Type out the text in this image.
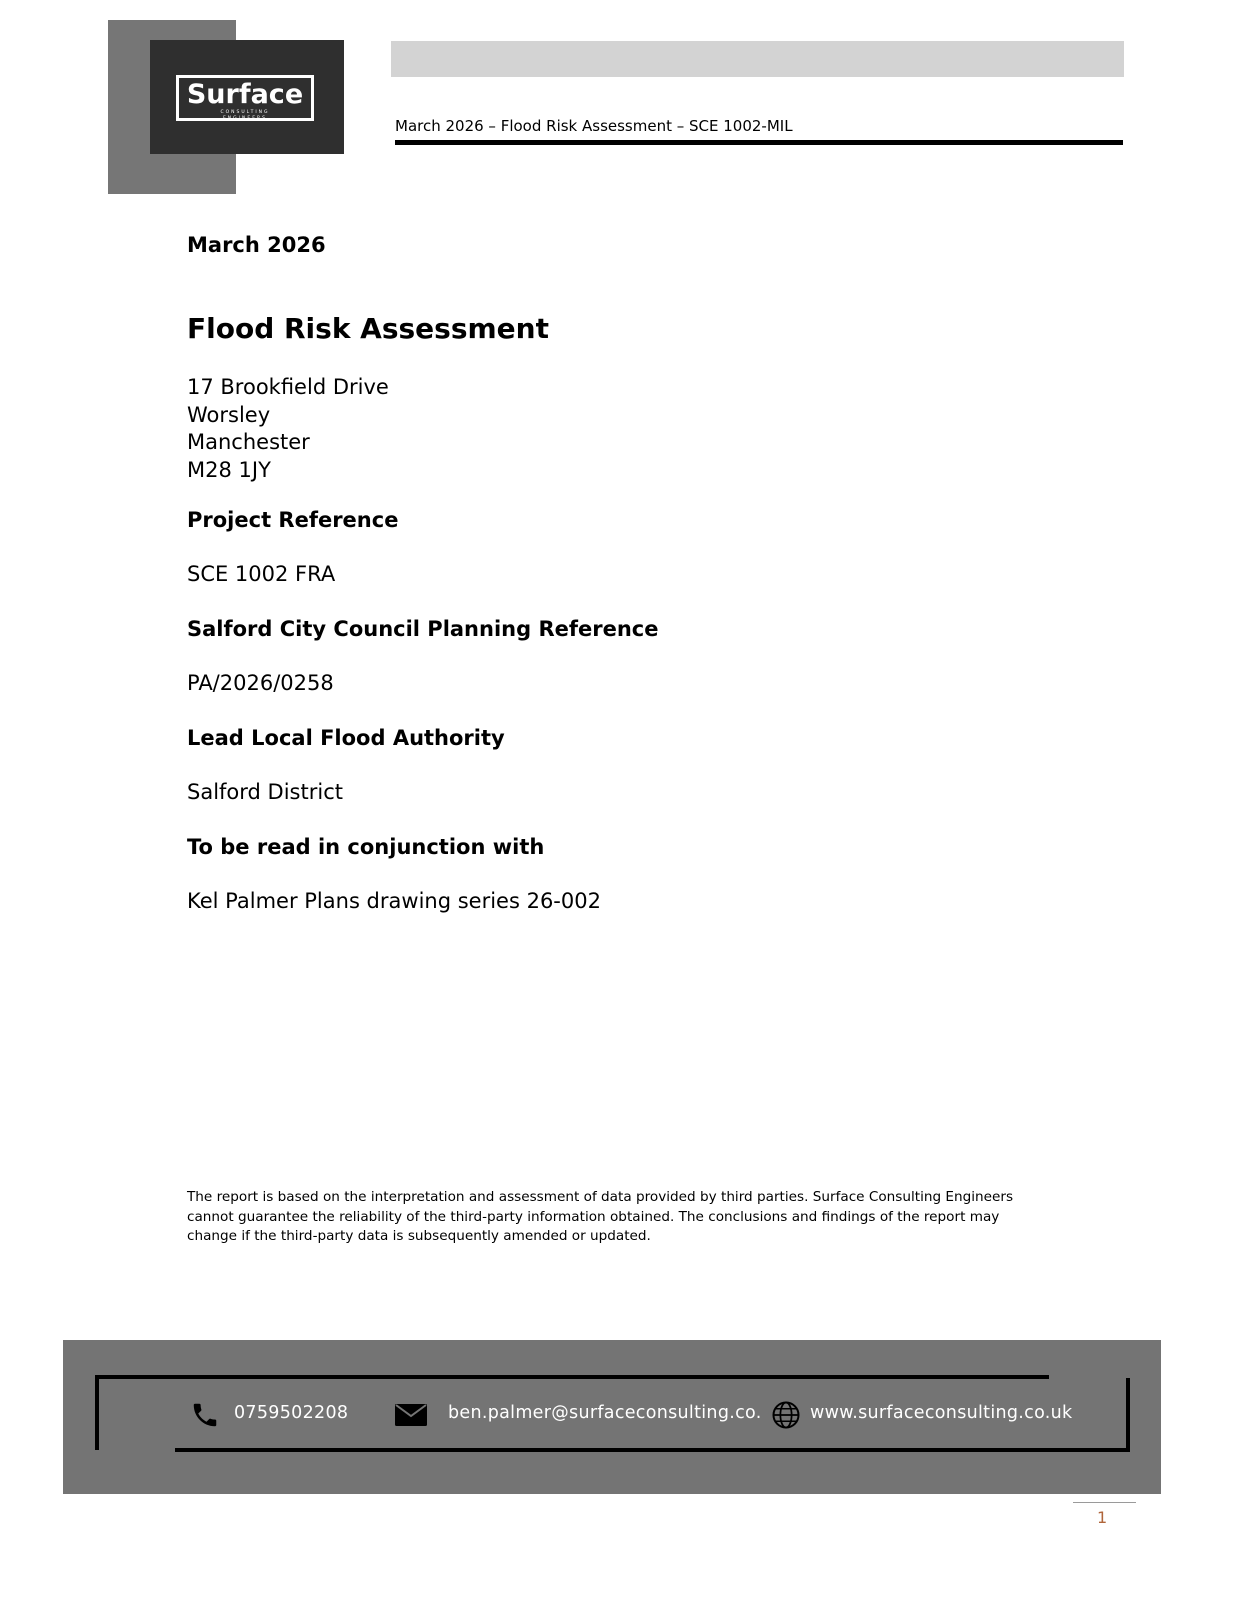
Surface
CONSULTING
ENGINEERS	March 2026 – Flood Risk Assessment – SCE 1002-MIL
March 2026
Flood Risk Assessment
17 Brookfield Drive
Worsley
Manchester
M28 1JY
Project Reference
SCE 1002 FRA
Salford City Council Planning Reference
PA/2026/0258
Lead Local Flood Authority
Salford District
To be read in conjunction with
Kel Palmer Plans drawing series 26-002
The report is based on the interpretation and assessment of data provided by third parties. Surface Consulting Engineers cannot guarantee the reliability of the third-party information obtained. The conclusions and findings of the report may change if the third-party data is subsequently amended or updated.
0759502208	ben.palmer@surfaceconsulting.co.	www.surfaceconsulting.co.uk
1
